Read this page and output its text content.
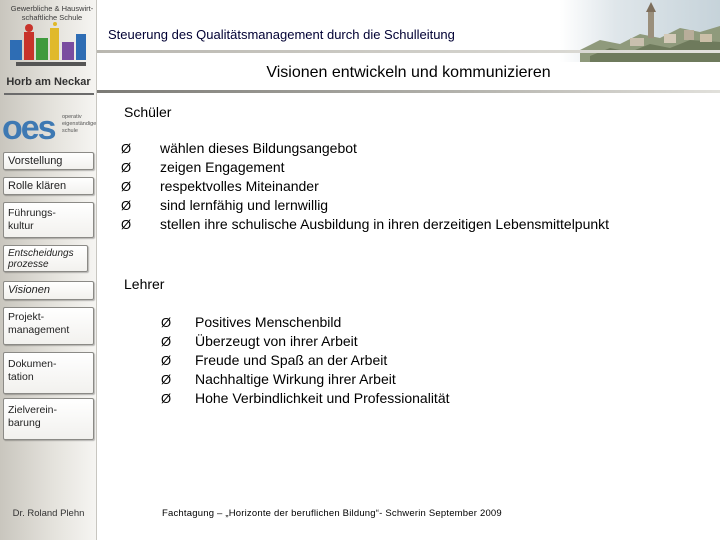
Gewerbliche & Hauswirt-
schaftliche Schule
Horb am Neckar
oes operativ eigenständige schule
Vorstellung
Rolle klären
Führungs-
kultur
Entscheidungs
prozesse
Visionen
Projekt-
management
Dokumen-
tation
Zielverein-
barung
Dr. Roland Plehn
Steuerung des Qualitätsmanagement durch die Schulleitung
Visionen entwickeln und kommunizieren
Schüler
Ø wählen dieses Bildungsangebot
Ø zeigen Engagement
Ø respektvolles Miteinander
Ø sind lernfähig und lernwillig
Ø stellen ihre schulische Ausbildung in ihren derzeitigen Lebensmittelpunkt
Lehrer
Ø Positives Menschenbild
Ø Überzeugt von ihrer Arbeit
Ø Freude und Spaß an der Arbeit
Ø Nachhaltige Wirkung ihrer Arbeit
Ø Hohe Verbindlichkeit und Professionalität
Fachtagung – „Horizonte der beruflichen Bildung“- Schwerin September 2009
